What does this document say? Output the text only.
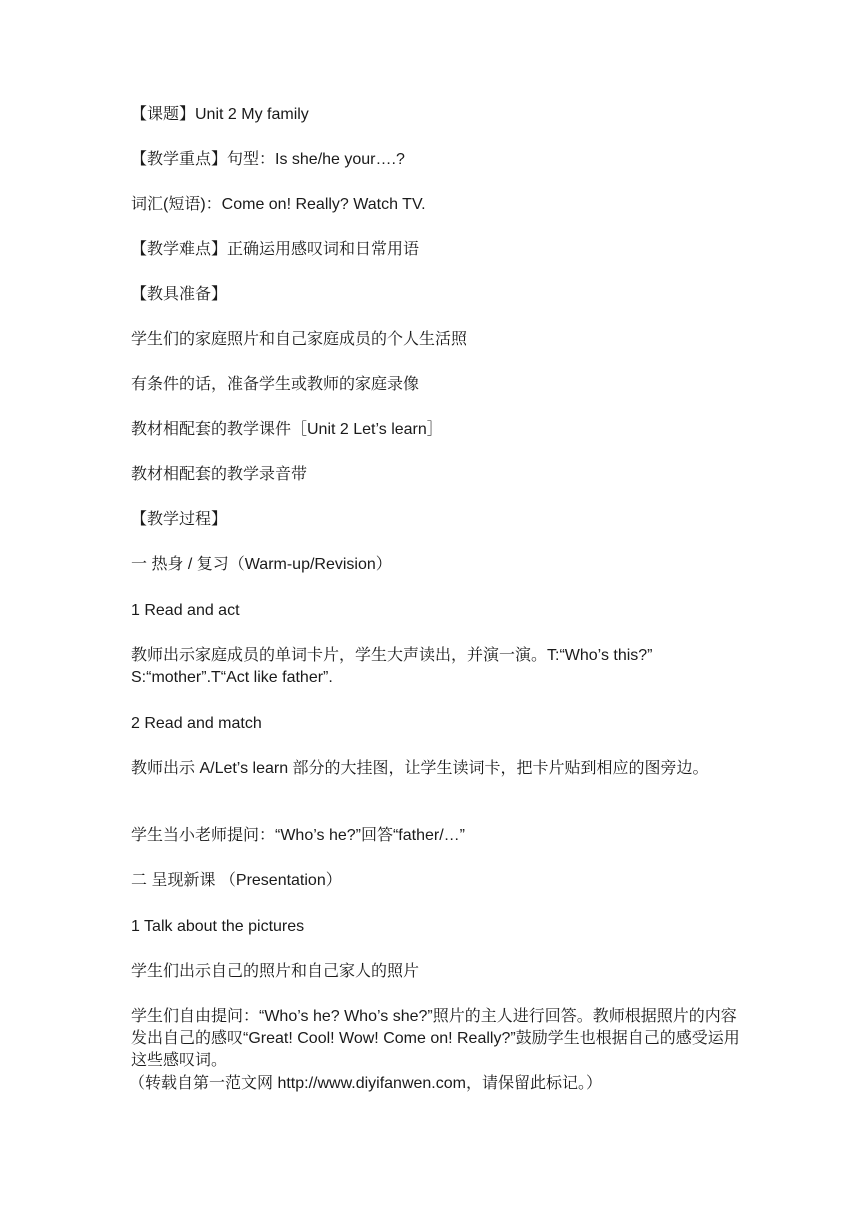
【课题】Unit 2 My family
【教学重点】句型：Is she/he your….?
词汇(短语)：Come on! Really? Watch TV.
【教学难点】正确运用感叹词和日常用语
【教具准备】
学生们的家庭照片和自己家庭成员的个人生活照
有条件的话，准备学生或教师的家庭录像
教材相配套的教学课件［Unit 2 Let’s learn］
教材相配套的教学录音带
【教学过程】
一 热身 / 复习（Warm-up/Revision）
1 Read and act
教师出示家庭成员的单词卡片，学生大声读出，并演一演。T:“Who’s this?” S:“mother”.T“Act like father”.
2 Read and match
教师出示 A/Let’s learn 部分的大挂图，让学生读词卡，把卡片贴到相应的图旁边。
学生当小老师提问：“Who’s he?”回答“father/…”
二 呈现新课 （Presentation）
1 Talk about the pictures
学生们出示自己的照片和自己家人的照片
学生们自由提问：“Who’s he? Who’s she?”照片的主人进行回答。教师根据照片的内容发出自己的感叹“Great! Cool! Wow! Come on! Really?”鼓励学生也根据自己的感受运用这些感叹词。
（转载自第一范文网 http://www.diyifanwen.com，请保留此标记。）
